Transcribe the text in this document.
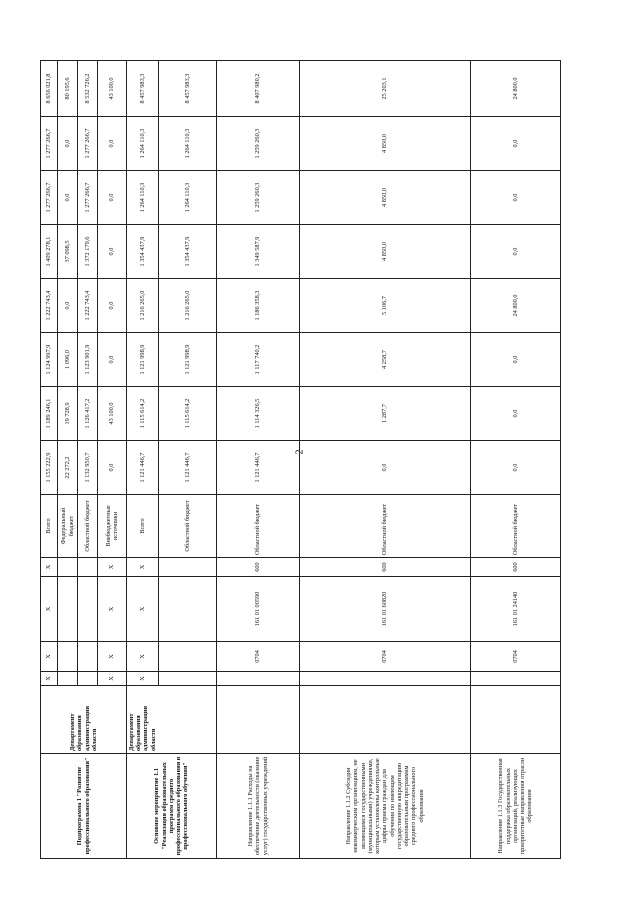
2
Подпрограмма 1 "Развитие профессионального образования"	Департамент образования администрации области	X	X	X	X	Всего	1 155 222,9	1 189 246,1	1 124 997,9	1 222 743,4	1 409 278,1	1 277 266,7	1 277 266,7	8 656 021,8
						Федеральный бюджет	22 272,2	19 728,9	1 096,0	0,0	37 098,5	0,0	0,0	80 195,6
						Областной бюджет	1 132 950,7	1 126 417,2	1 123 901,9	1 222 743,4	1 372 179,6	1 277 266,7	1 277 266,7	8 532 726,2
		X	X	X	X	Внебюджетные источники	0,0	43 100,0	0,0	0,0	0,0	0,0	0,0	43 100,0
Основное мероприятие 1.1 "Реализация образовательных программ среднего профессионального образования и профессионального обучения"	Департамент образования администрации области	X	X	X	X	Всего	1 121 446,7	1 115 614,2	1 121 998,9	1 216 265,0	1 354 437,9	1 264 110,3	1 264 110,3	8 457 983,3
						Областной бюджет	1 121 446,7	1 115 614,2	1 121 998,9	1 216 265,0	1 354 437,9	1 264 110,3	1 264 110,3	8 457 983,3
Направление 1.1.1 Расходы на обеспечение деятельности (оказание услуг) государственных учреждений			0704	161 01 00590	600	Областной бюджет	1 121 446,7	1 114 326,5	1 117 740,2	1 186 358,3	1 349 587,9	1 259 260,3	1 259 260,3	8 407 980,2
Направление 1.1.2 Субсидии некоммерческим организациям, не являющимся государственными (муниципальными) учреждениями, которым установлены контрольные цифры приема граждан для обучения по имеющим государственную аккредитацию образовательным программам среднего профессионального образования			0704	161 01 60820	600	Областной бюджет	0,0	1 287,7	4 258,7	5 106,7	4 850,0	4 850,0	4 850,0	25 203,1
Направление 1.1.3 Государственная поддержка образовательных организаций, реализующих приоритетные направления отрасли образования			0704	161 01 24140	600	Областной бюджет	0,0	0,0	0,0	24 800,0	0,0	0,0	0,0	24 800,0
